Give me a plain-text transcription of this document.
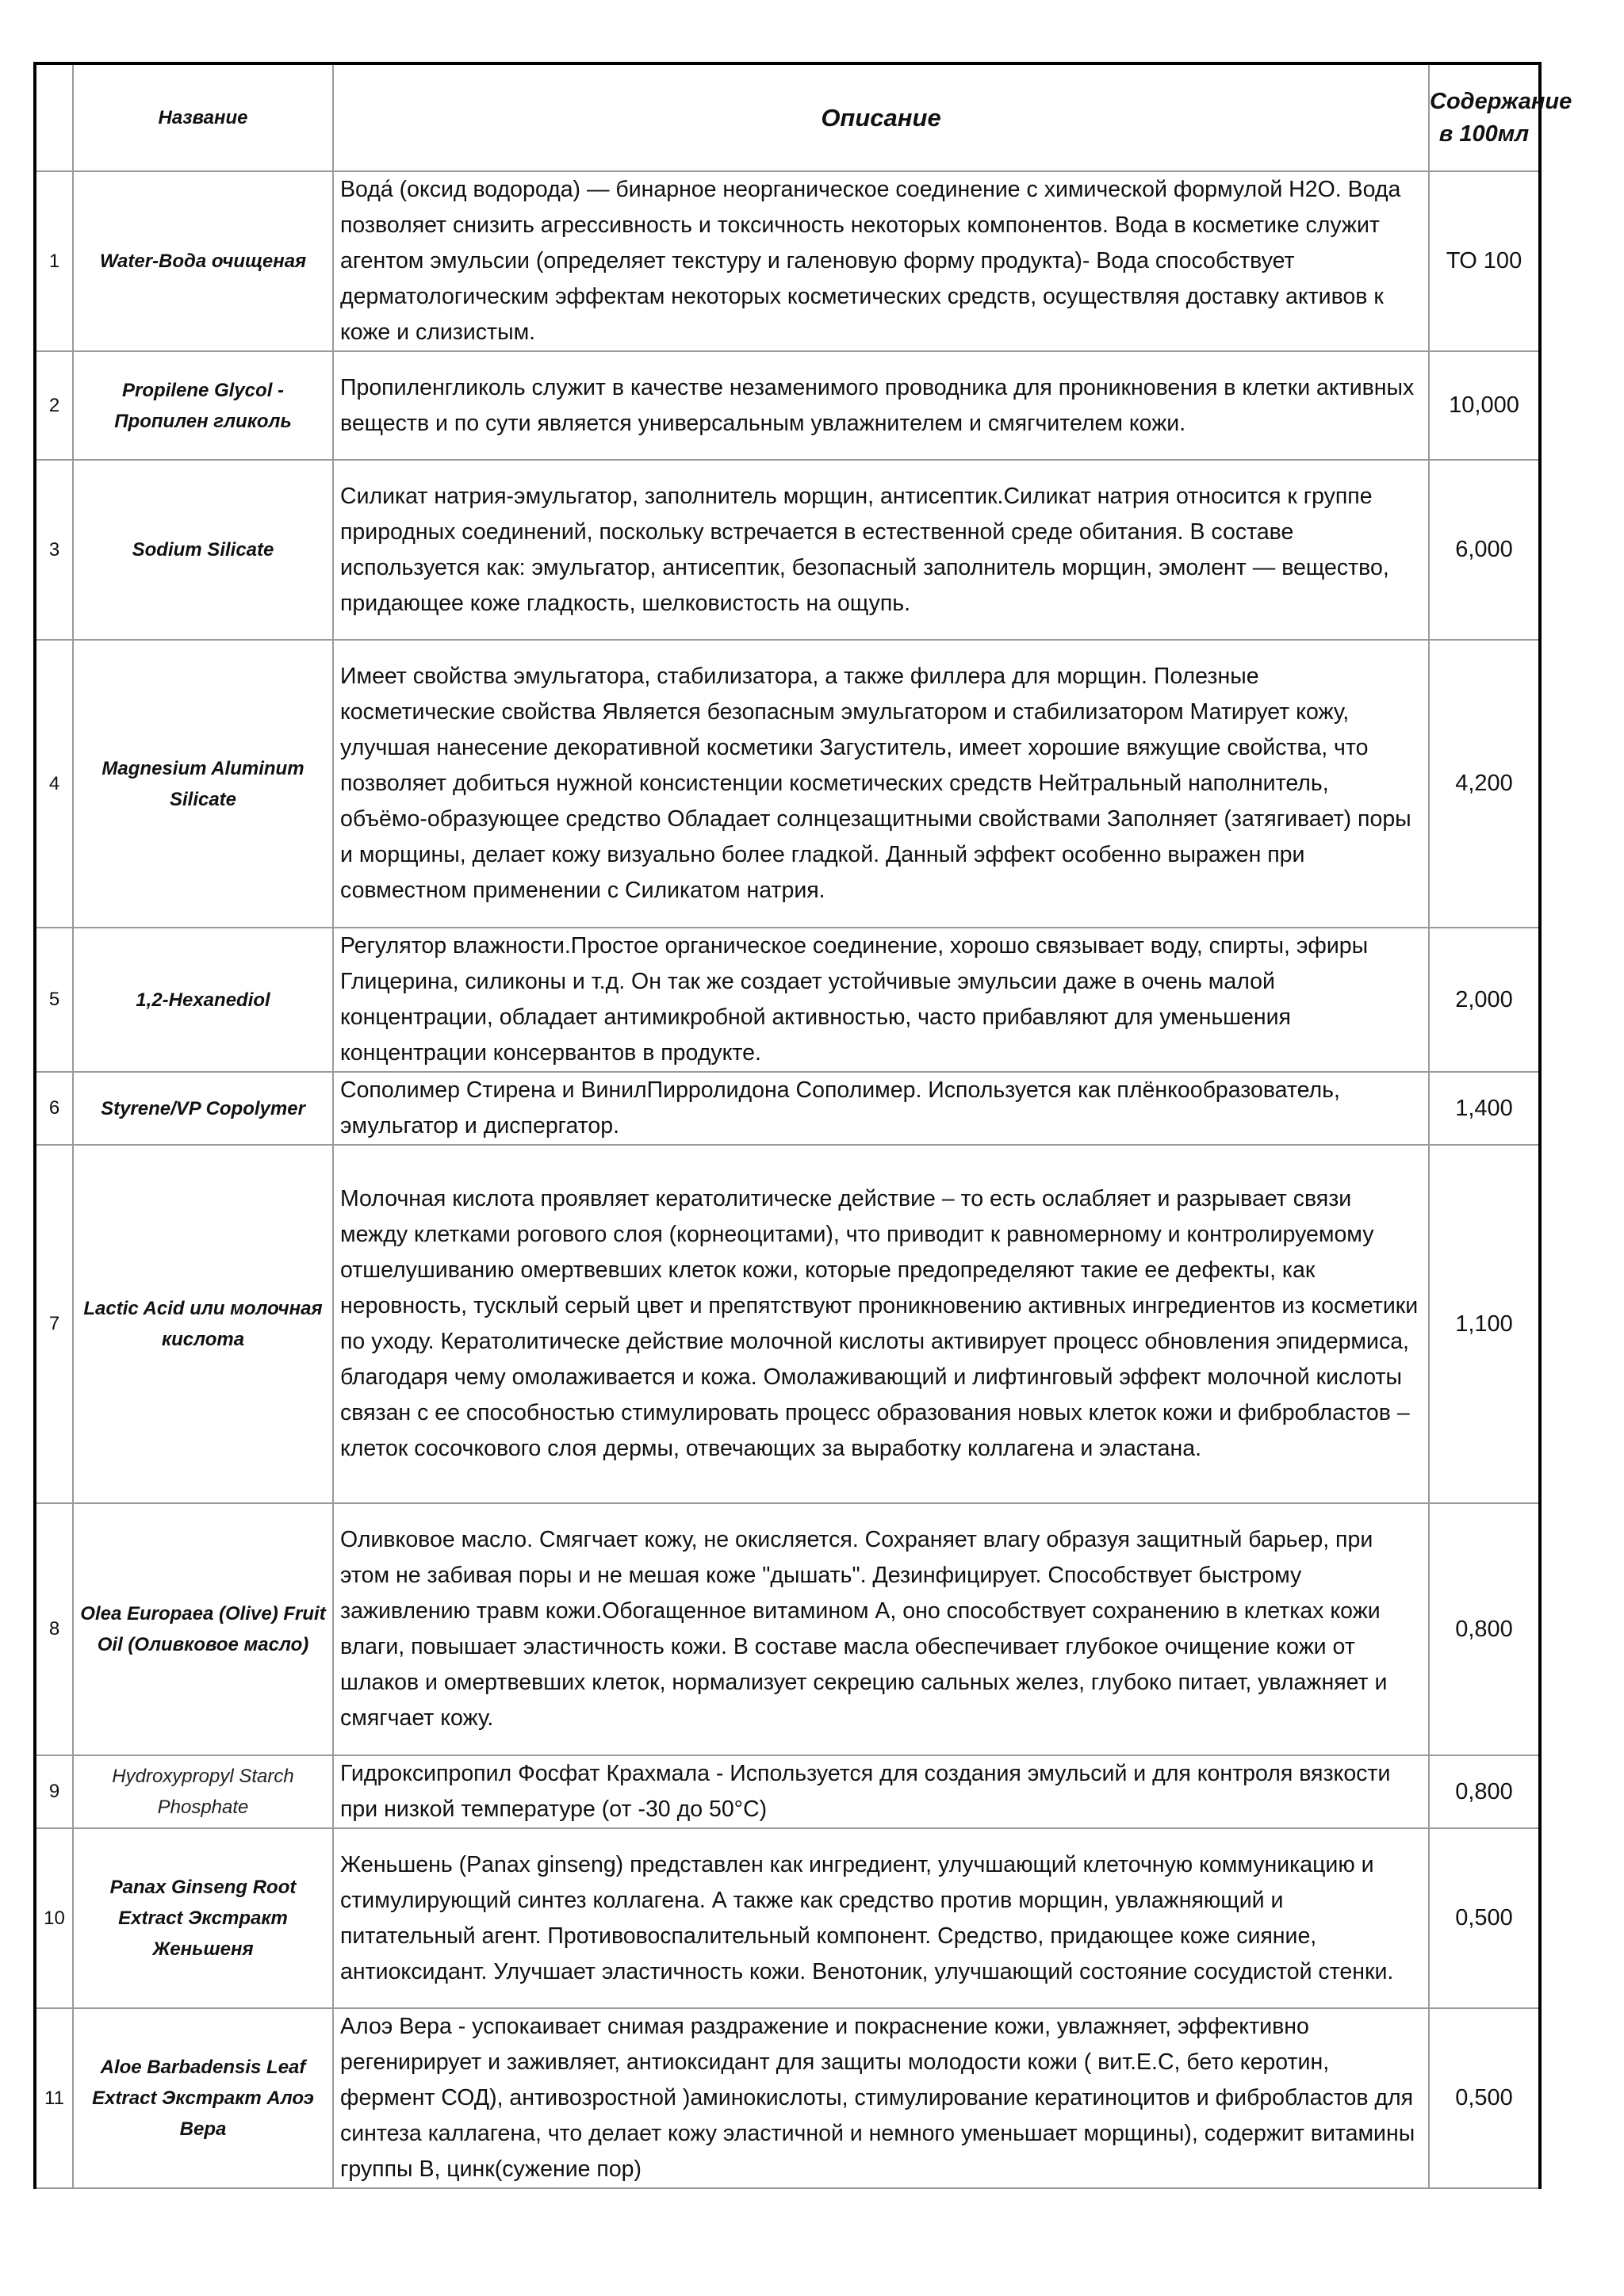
	Название	Описание	Содержание в 100мл
1	Water-Вода очищеная	Вода́ (оксид водорода) — бинарное неорганическое соединение с химической формулой H2O. Вода позволяет снизить агрессивность и токсичность некоторых компонентов. Вода в косметике служит агентом эмульсии (определяет текстуру и галеновую форму продукта)- Вода способствует дерматологическим эффектам некоторых косметических средств, осуществляя доставку активов к коже и слизистым.	ТО 100
2	Propilene Glycol - Пропилен гликоль	Пропиленгликоль служит в качестве незаменимого проводника для проникновения в клетки активных веществ и по сути является универсальным увлажнителем и смягчителем кожи.	10,000
3	Sodium Silicate	Силикат натрия-эмульгатор, заполнитель морщин, антисептик.Силикат натрия относится к группе природных соединений, поскольку встречается в естественной среде обитания. В составе используется как: эмульгатор, антисептик, безопасный заполнитель морщин, эмолент — вещество, придающее коже гладкость, шелковистость на ощупь.	6,000
4	Magnesium Aluminum Silicate	Имеет свойства эмульгатора, стабилизатора, а также филлера для морщин. Полезные косметические свойства Является безопасным эмульгатором и стабилизатором Матирует кожу, улучшая нанесение декоративной косметики Загуститель, имеет хорошие вяжущие свойства, что позволяет добиться нужной консистенции косметических средств Нейтральный наполнитель, объёмо-образующее средство Обладает солнцезащитными свойствами Заполняет (затягивает) поры и морщины, делает кожу визуально более гладкой. Данный эффект особенно выражен при совместном применении с Силикатом натрия.	4,200
5	1,2-Hexanediol	Регулятор влажности.Простое органическое соединение, хорошо связывает воду, спирты, эфиры Глицерина, силиконы и т.д. Он так же создает устойчивые эмульсии даже в очень малой концентрации, обладает антимикробной активностью, часто прибавляют для уменьшения концентрации консервантов в продукте.	2,000
6	Styrene/VP Copolymer	Сополимер Стирена и ВинилПирролидона Сополимер. Используется как плёнкообразователь, эмульгатор и диспергатор.	1,400
7	Lactic Acid или молочная кислота	Молочная кислота проявляет кератолитическе действие – то есть ослабляет и разрывает связи между клетками рогового слоя (корнеоцитами), что приводит к равномерному и контролируемому отшелушиванию омертвевших клеток кожи, которые предопределяют такие ее дефекты, как неровность, тусклый серый цвет и препятствуют проникновению активных ингредиентов из косметики по уходу. Кератолитическе действие молочной кислоты активирует процесс обновления эпидермиса, благодаря чему омолаживается и кожа. Омолаживающий и лифтинговый эффект молочной кислоты связан с ее способностью стимулировать процесс образования новых клеток кожи и фибробластов – клеток сосочкового слоя дермы, отвечающих за выработку коллагена и эластана.	1,100
8	Olea Europaea (Olive) Fruit Oil (Оливковое масло)	Оливковое масло. Смягчает кожу, не окисляется. Сохраняет влагу образуя защитный барьер, при этом не забивая поры и не мешая коже "дышать". Дезинфицирует. Способствует быстрому заживлению травм кожи.Обогащенное витамином А, оно способствует сохранению в клетках кожи влаги, повышает эластичность кожи. В составе масла обеспечивает глубокое очищение кожи от шлаков и омертвевших клеток, нормализует секрецию сальных желез, глубоко питает, увлажняет и смягчает кожу.	0,800
9	Hydroxypropyl Starch Phosphate	Гидроксипропил Фосфат Крахмала - Используется для создания эмульсий и для контроля вязкости при низкой температуре (от -30 до 50°C)	0,800
10	Panax Ginseng Root Extract Экстракт Женьшеня	Женьшень (Panax ginseng) представлен как ингредиент, улучшающий клеточную коммуникацию и стимулирующий синтез коллагена. А также как средство против морщин, увлажняющий и питательный агент. Противовоспалительный компонент. Средство, придающее коже сияние, антиоксидант. Улучшает эластичность кожи. Венотоник, улучшающий состояние сосудистой стенки.	0,500
11	Aloe Barbadensis Leaf Extract Экстракт Алоэ Вера	Алоэ Вера - успокаивает снимая раздражение и покраснение кожи, увлажняет, эффективно регенирирует и заживляет, антиоксидант для защиты молодости кожи ( вит.Е.С, бето керотин, фермент СОД), антивозростной )аминокислоты, стимулирование кератиноцитов и фибробластов для синтеза каллагена, что делает кожу эластичной и немного уменьшает морщины), содержит витамины группы В, цинк(сужение пор)	0,500
